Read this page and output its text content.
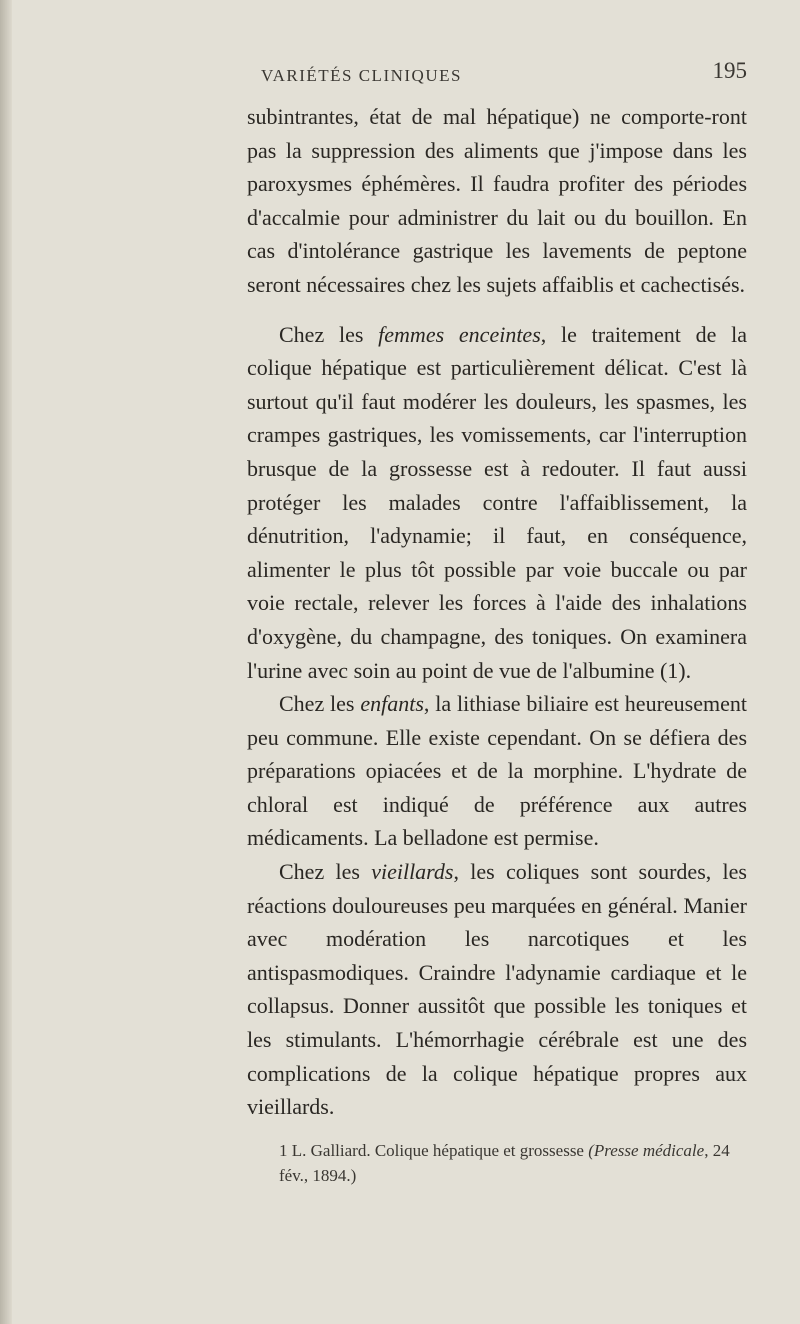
VARIÉTÉS CLINIQUES	195

subintrantes, état de mal hépatique) ne comporte-ront pas la suppression des aliments que j'impose dans les paroxysmes éphémères. Il faudra profiter des périodes d'accalmie pour administrer du lait ou du bouillon. En cas d'intolérance gastrique les lavements de peptone seront nécessaires chez les sujets affaiblis et cachectisés.

Chez les femmes enceintes, le traitement de la colique hépatique est particulièrement délicat. C'est là surtout qu'il faut modérer les douleurs, les spasmes, les crampes gastriques, les vomissements, car l'interruption brusque de la grossesse est à redouter. Il faut aussi protéger les malades contre l'affaiblissement, la dénutrition, l'adynamie; il faut, en conséquence, alimenter le plus tôt possible par voie buccale ou par voie rectale, relever les forces à l'aide des inhalations d'oxygène, du champagne, des toniques. On examinera l'urine avec soin au point de vue de l'albumine (1).

Chez les enfants, la lithiase biliaire est heureusement peu commune. Elle existe cependant. On se défiera des préparations opiacées et de la morphine. L'hydrate de chloral est indiqué de préférence aux autres médicaments. La belladone est permise.

Chez les vieillards, les coliques sont sourdes, les réactions douloureuses peu marquées en général. Manier avec modération les narcotiques et les antispasmodiques. Craindre l'adynamie cardiaque et le collapsus. Donner aussitôt que possible les toniques et les stimulants. L'hémorrhagie cérébrale est une des complications de la colique hépatique propres aux vieillards.

1 L. Galliard. Colique hépatique et grossesse (Presse médicale, 24 fév., 1894.)
